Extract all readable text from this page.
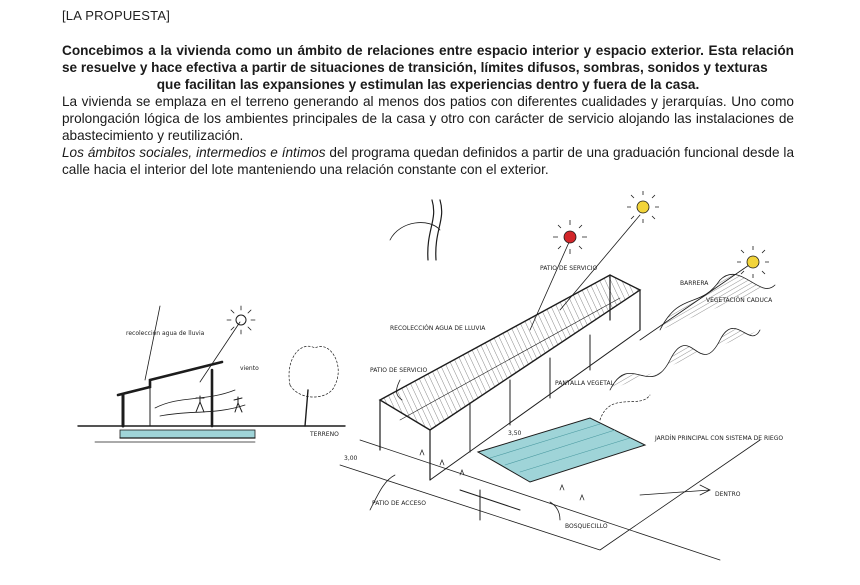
[LA PROPUESTA]

Concebimos a la vivienda como un ámbito de relaciones entre espacio interior y espacio exterior. Esta relación se resuelve y hace efectiva a partir de situaciones de transición, límites difusos, sombras, sonidos y texturas

que facilitan las expansiones y estimulan las experiencias dentro y fuera de la casa.

La vivienda se emplaza en el terreno generando al menos dos patios con diferentes cualidades y jerarquías. Uno como prolongación lógica de los ambientes principales de la casa y otro con carácter de servicio alojando las instalaciones de abastecimiento y reutilización.

Los ámbitos sociales, intermedios e íntimos del programa quedan definidos a partir de una graduación funcional desde la calle hacia el interior del lote manteniendo una relación constante con el exterior.

recolección agua de lluvia
viento
TERRENO
RECOLECCIÓN AGUA DE LLUVIA
PATIO DE SERVICIO
PATIO DE SERVICIO
PANTALLA VEGETAL
3,50
BARRERA
VEGETACIÓN CADUCA
PATIO DE ACCESO
BOSQUECILLO
JARDÍN PRINCIPAL CON SISTEMA DE RIEGO
DENTRO
3,00
